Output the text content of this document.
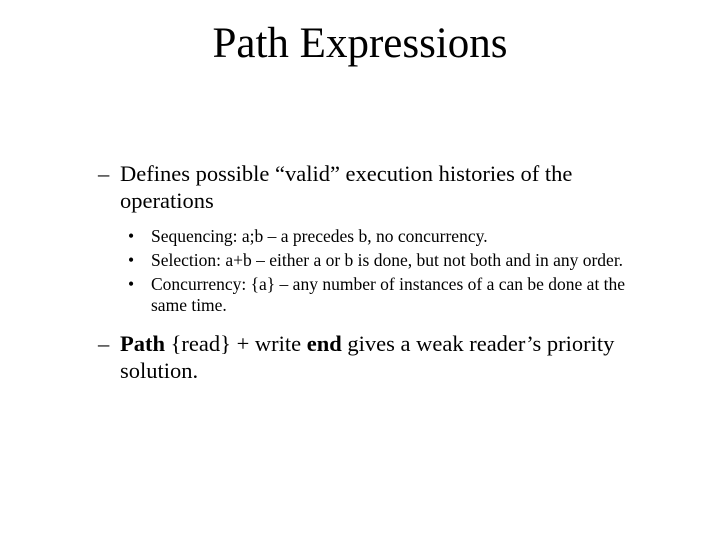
Path Expressions
– Defines possible “valid” execution histories of the operations
• Sequencing: a;b – a precedes b, no concurrency.
• Selection: a+b – either a or b is done, but not both and in any order.
• Concurrency: {a} – any number of instances of a can be done at the same time.
– Path {read} + write end gives a weak reader’s priority solution.
